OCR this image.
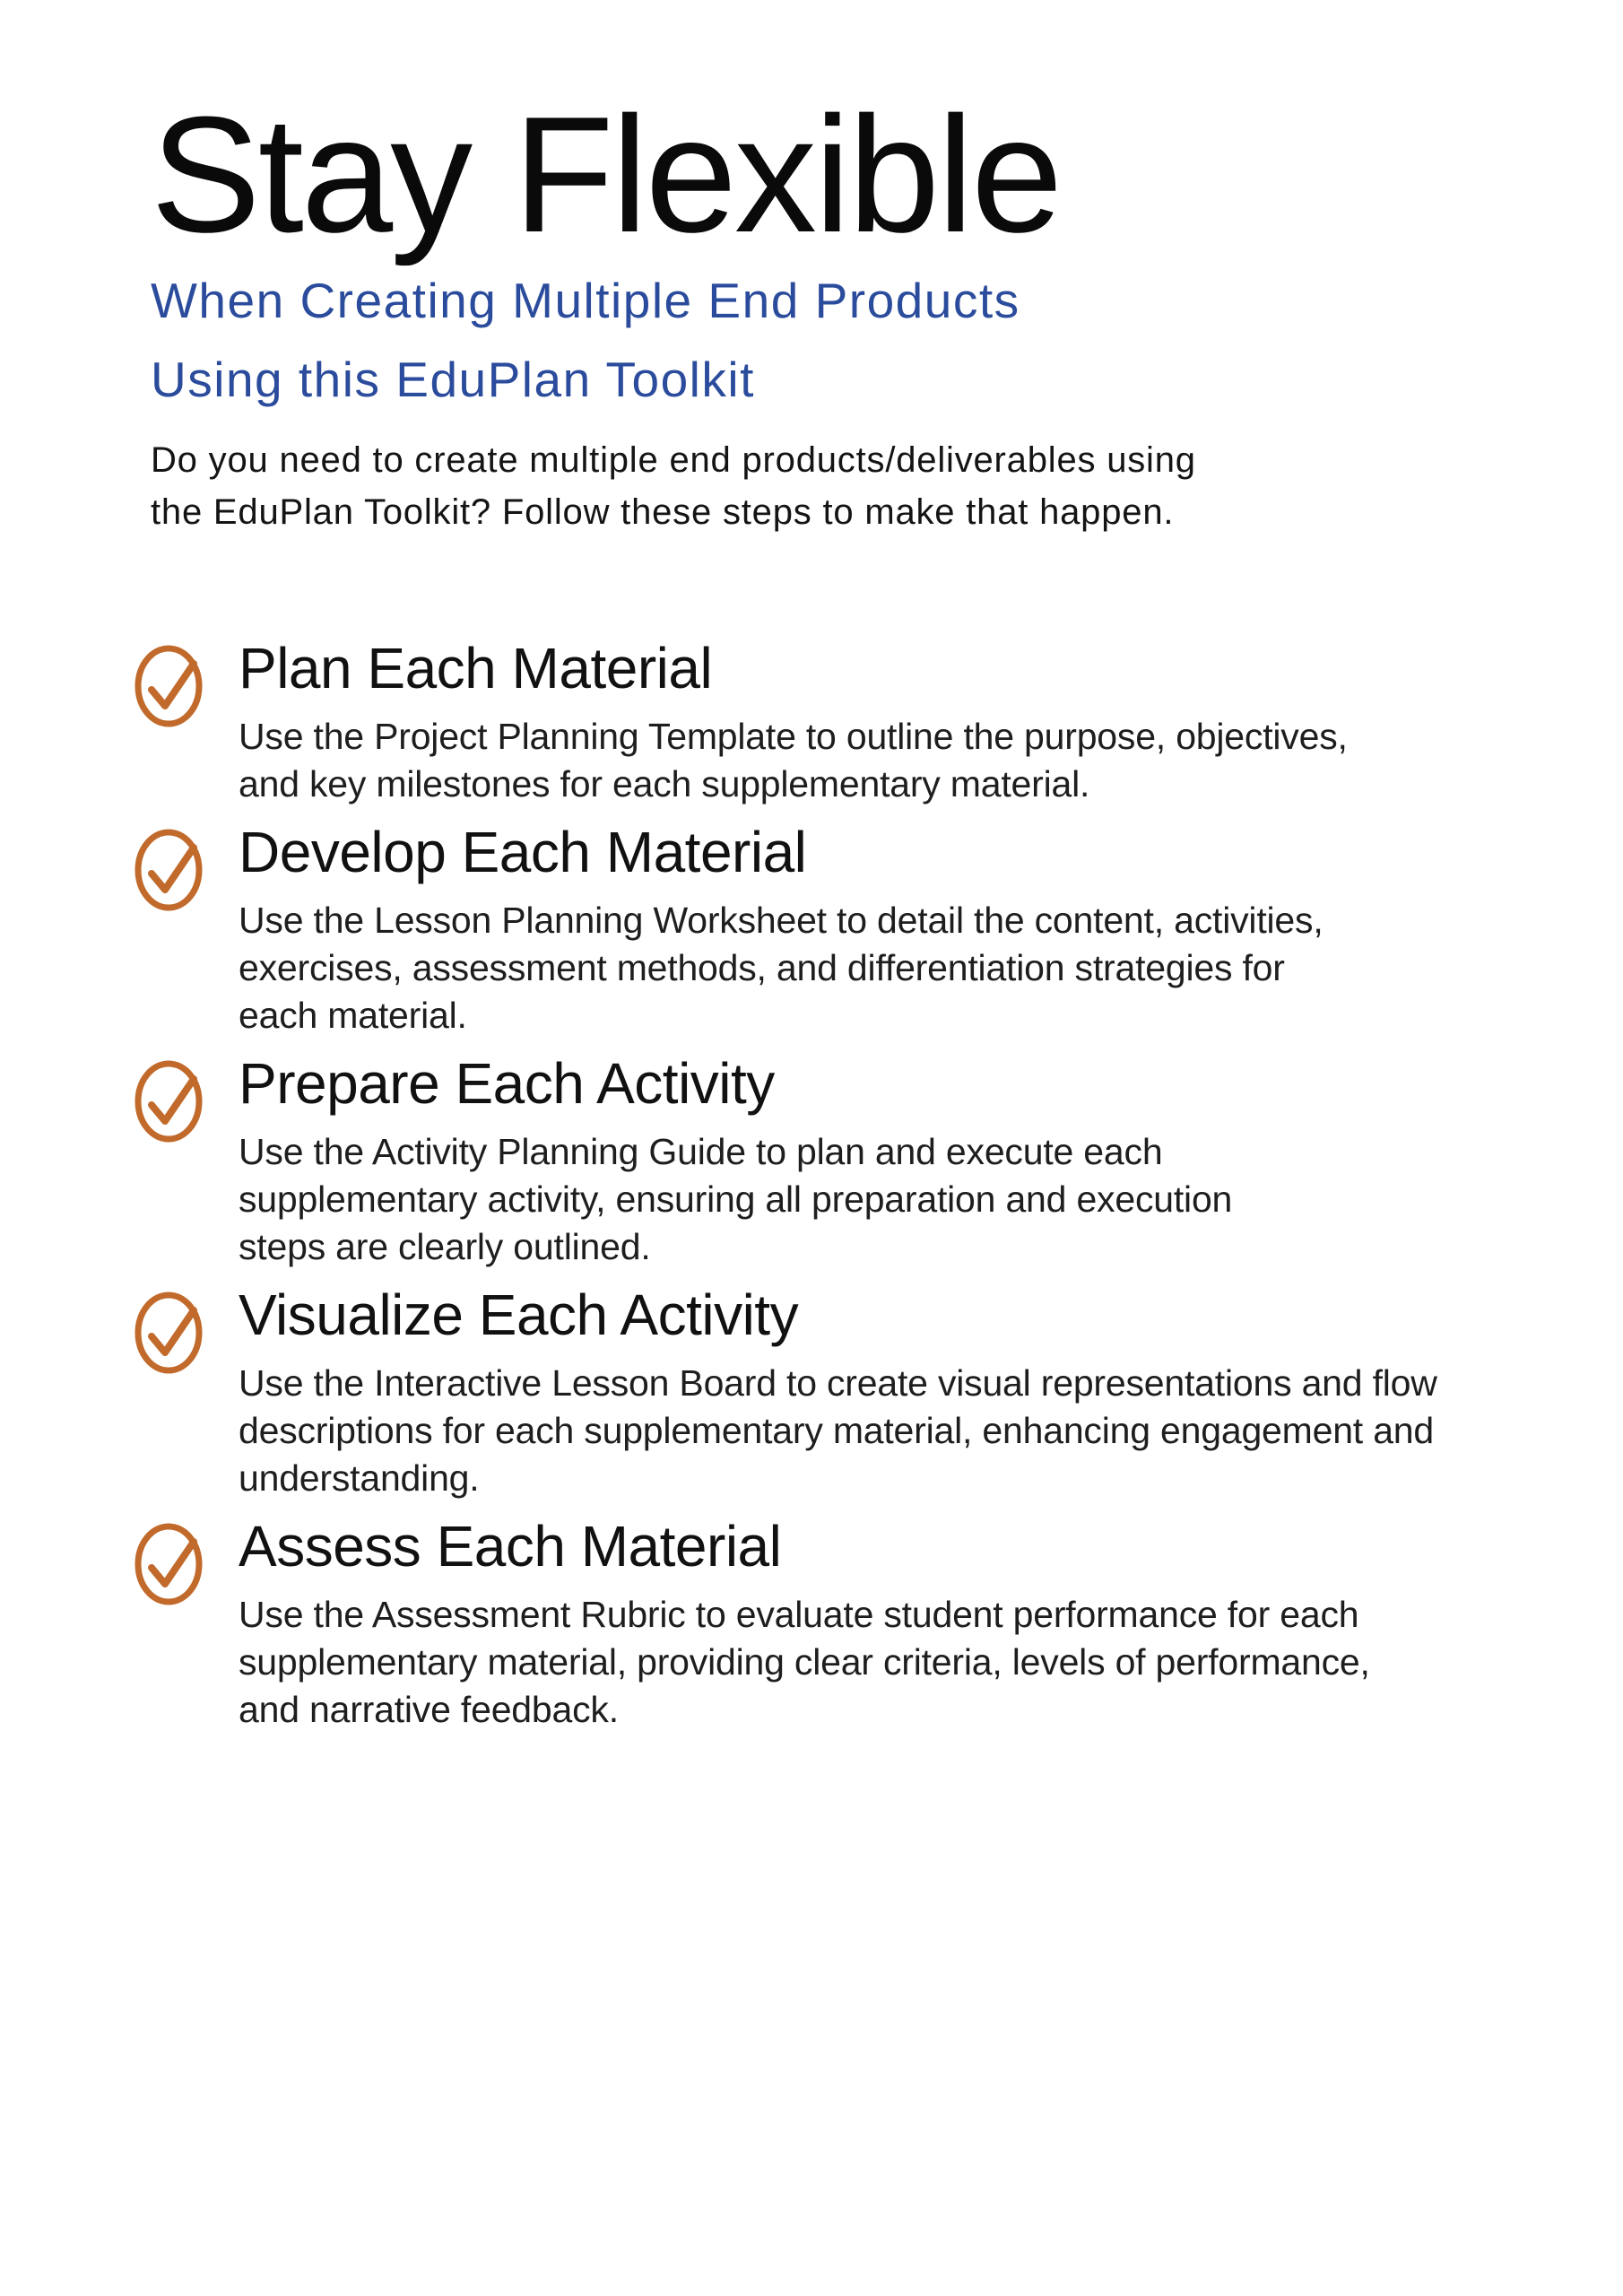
Stay Flexible
When Creating Multiple End Products
Using this EduPlan Toolkit

Do you need to create multiple end products/deliverables using
the EduPlan Toolkit? Follow these steps to make that happen.

Plan Each Material
Use the Project Planning Template to outline the purpose, objectives,
and key milestones for each supplementary material.
Develop Each Material
Use the Lesson Planning Worksheet to detail the content, activities,
exercises, assessment methods, and differentiation strategies for
each material.
Prepare Each Activity
Use the Activity Planning Guide to plan and execute each
supplementary activity, ensuring all preparation and execution
steps are clearly outlined.
Visualize Each Activity
Use the Interactive Lesson Board to create visual representations and flow
descriptions for each supplementary material, enhancing engagement and
understanding.
Assess Each Material
Use the Assessment Rubric to evaluate student performance for each
supplementary material, providing clear criteria, levels of performance,
and narrative feedback.
